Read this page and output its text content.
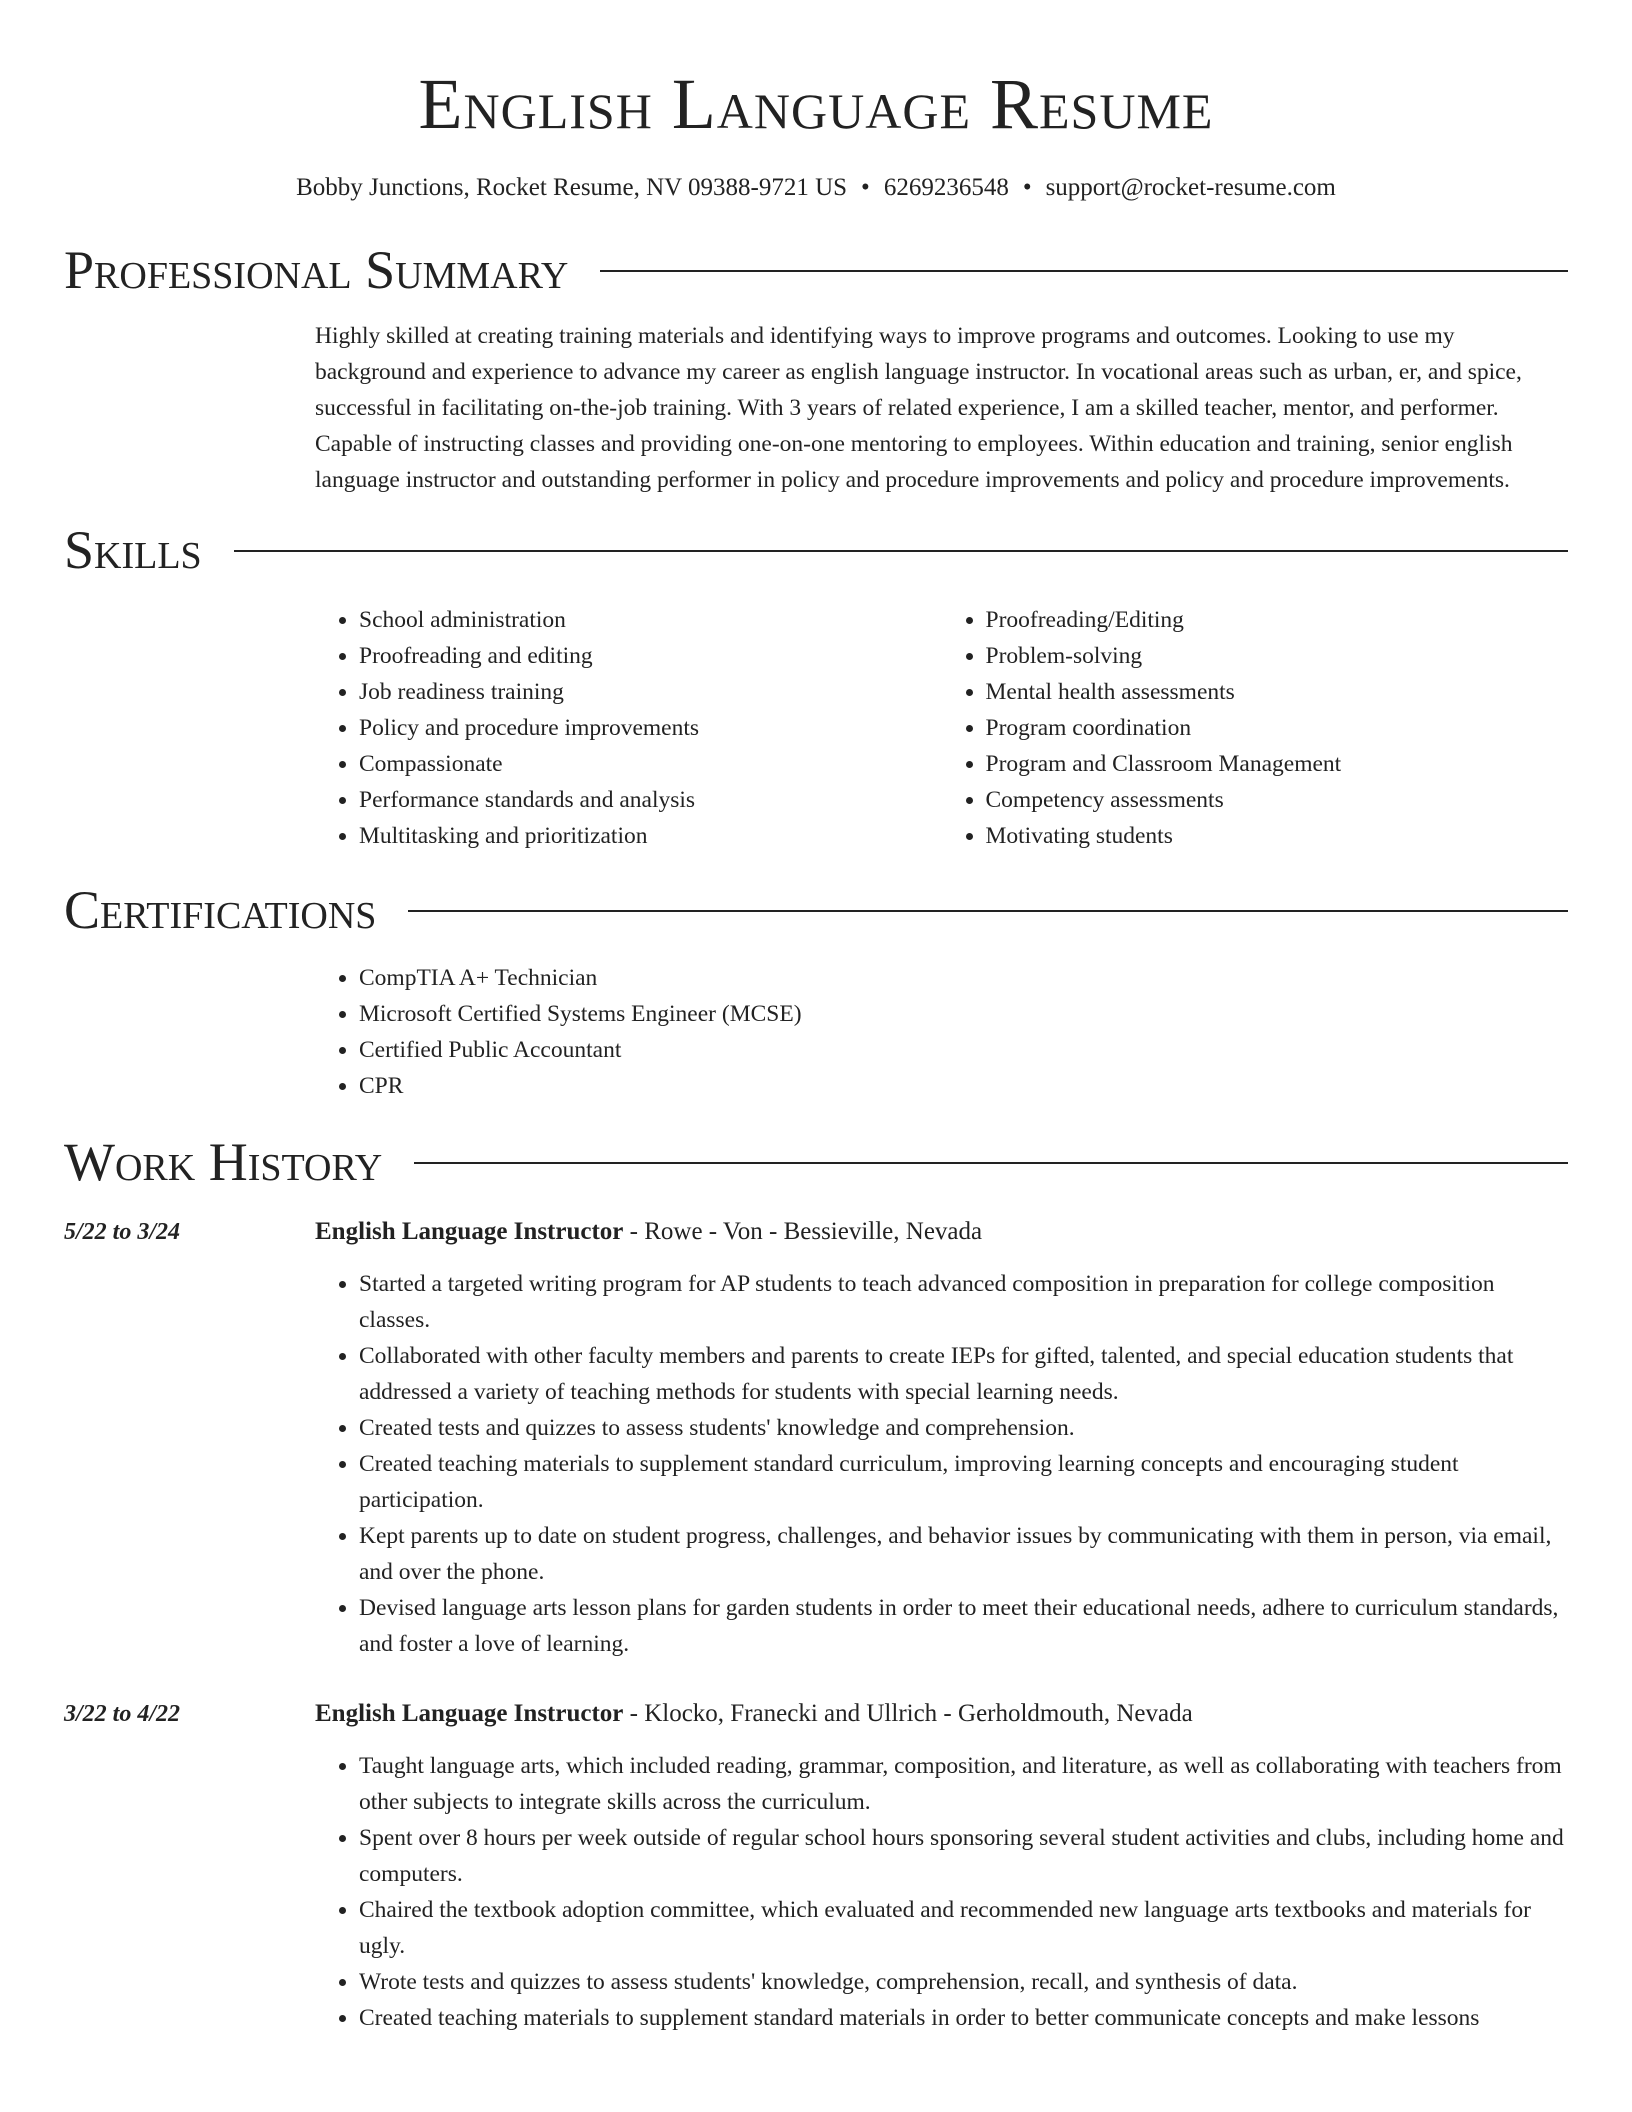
English Language Resume
Bobby Junctions, Rocket Resume, NV 09388-9721 US • 6269236548 • support@rocket-resume.com
Professional Summary

Highly skilled at creating training materials and identifying ways to improve programs and outcomes. Looking to use my background and experience to advance my career as english language instructor. In vocational areas such as urban, er, and spice, successful in facilitating on-the-job training. With 3 years of related experience, I am a skilled teacher, mentor, and performer. Capable of instructing classes and providing one-on-one mentoring to employees. Within education and training, senior english language instructor and outstanding performer in policy and procedure improvements and policy and procedure improvements.

Skills
• School administration
• Proofreading and editing
• Job readiness training
• Policy and procedure improvements
• Compassionate
• Performance standards and analysis
• Multitasking and prioritization
• Proofreading/Editing
• Problem-solving
• Mental health assessments
• Program coordination
• Program and Classroom Management
• Competency assessments
• Motivating students
Certifications
• CompTIA A+ Technician
• Microsoft Certified Systems Engineer (MCSE)
• Certified Public Accountant
• CPR
Work History
5/22 to 3/24	English Language Instructor - Rowe - Von - Bessieville, Nevada
• Started a targeted writing program for AP students to teach advanced composition in preparation for college composition classes.
• Collaborated with other faculty members and parents to create IEPs for gifted, talented, and special education students that addressed a variety of teaching methods for students with special learning needs.
• Created tests and quizzes to assess students' knowledge and comprehension.
• Created teaching materials to supplement standard curriculum, improving learning concepts and encouraging student participation.
• Kept parents up to date on student progress, challenges, and behavior issues by communicating with them in person, via email, and over the phone.
• Devised language arts lesson plans for garden students in order to meet their educational needs, adhere to curriculum standards, and foster a love of learning.
3/22 to 4/22	English Language Instructor - Klocko, Franecki and Ullrich - Gerholdmouth, Nevada
• Taught language arts, which included reading, grammar, composition, and literature, as well as collaborating with teachers from other subjects to integrate skills across the curriculum.
• Spent over 8 hours per week outside of regular school hours sponsoring several student activities and clubs, including home and computers.
• Chaired the textbook adoption committee, which evaluated and recommended new language arts textbooks and materials for ugly.
• Wrote tests and quizzes to assess students' knowledge, comprehension, recall, and synthesis of data.
• Created teaching materials to supplement standard materials in order to better communicate concepts and make lessons
